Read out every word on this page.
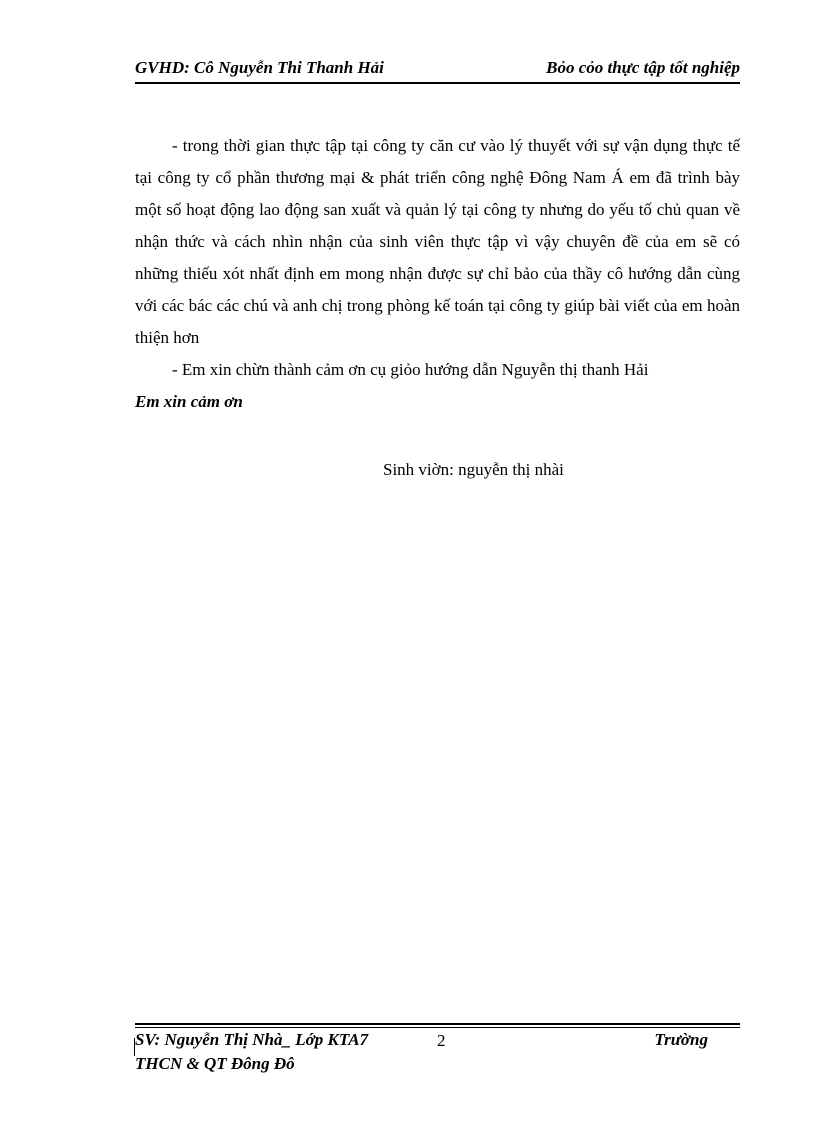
GVHD: Cô Nguyễn Thi Thanh Hải	Bỏo cỏo thực tập tốt nghiệp

- trong thời gian thực tập tại công ty căn cư vào lý thuyết với sự vận dụng thực tế tại công ty cổ phần thương mại & phát triển công nghệ Đông Nam Á em đã trình bày một số hoạt động lao động san xuất và quản lý tại công ty nhưng do yếu tố chủ quan về nhận thức và cách nhìn nhận của sinh viên thực tập vì vậy chuyên đề của em sẽ có những thiếu xót nhất định em mong nhận được sự chỉ bảo của thầy cô hướng dẫn cùng với các bác các chú và anh chị trong phòng kế toán tại công ty giúp bài viết của em hoàn thiện hơn

- Em xin chừn thành cảm ơn cụ giỏo hướng dẫn Nguyễn thị thanh Hải

Em xin cảm ơn

Sinh viờn: nguyễn thị nhài

SV: Nguyễn Thị Nhà_ Lớp KTA7	2	Trường
THCN & QT Đông Đô
